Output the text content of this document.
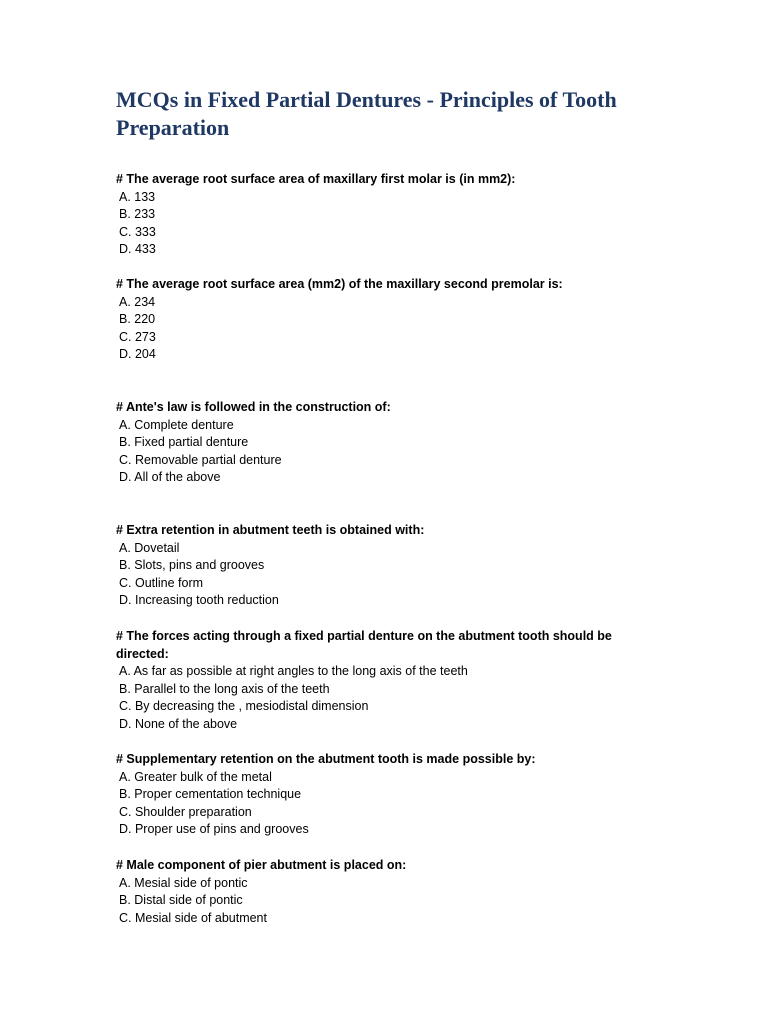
MCQs in Fixed Partial Dentures - Principles of Tooth Preparation

# The average root surface area of maxillary first molar is (in mm2):

A. 133
B. 233
C. 333
D. 433

# The average root surface area (mm2) of the maxillary second premolar is:

A. 234
B. 220
C. 273
D. 204

# Ante's law is followed in the construction of:

A. Complete denture
B. Fixed partial denture
C. Removable partial denture
D. All of the above

# Extra retention in abutment teeth is obtained with:

A. Dovetail
B. Slots, pins and grooves
C. Outline form
D. Increasing tooth reduction

# The forces acting through a fixed partial denture on the abutment tooth should be directed:

A. As far as possible at right angles to the long axis of the teeth
B. Parallel to the long axis of the teeth
C. By decreasing the , mesiodistal dimension
D. None of the above

# Supplementary retention on the abutment tooth is made possible by:

A. Greater bulk of the metal
B. Proper cementation technique
C. Shoulder preparation
D. Proper use of pins and grooves

# Male component of pier abutment is placed on:

A. Mesial side of pontic
B. Distal side of pontic
C. Mesial side of abutment
